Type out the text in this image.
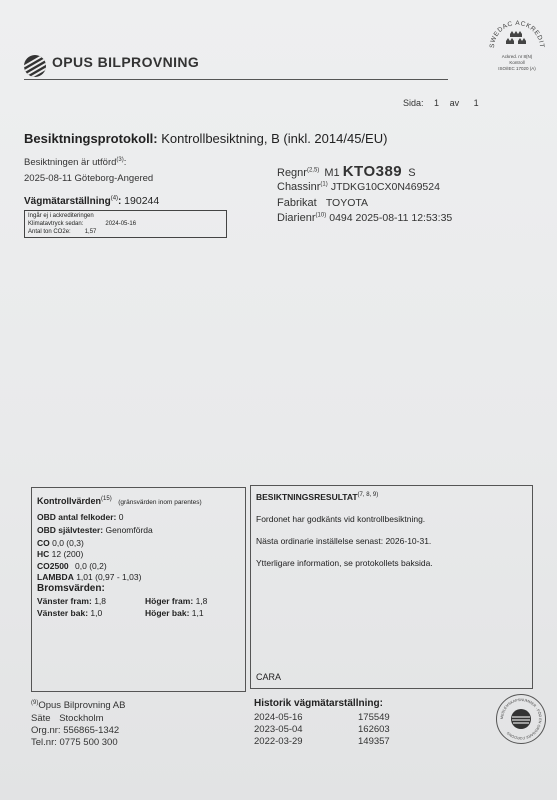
OPUS BILPROVNING
SWEDAC ACKREDIT
Ackred. nr 8(N)
Kontroll
ISO/IEC 17020 (A)
Sida: 1 av 1
Besiktningsprotokoll: Kontrollbesiktning, B (inkl. 2014/45/EU)
Besiktningen är utförd$^{(3)}$:
2025-08-11 Göteborg-Angered
Vägmätarställning$^{(4)}$: 190244
Ingår ej i ackrediteringen
Klimatavtryck sedan:	2024-05-16
Antal ton CO2e: 1,57
Regnr$^{(2,5)}$ M1 KTO389 S
Chassinr$^{(1)}$ JTDKG10CX0N469524
Fabrikat TOYOTA
Diarienr$^{(10)}$ 0494 2025-08-11 12:53:35
Kontrollvärden$^{(15)}$ (gränsvärden inom parentes)
OBD antal felkoder: 0
OBD självtester: Genomförda
CO 0,0 (0,3)
HC 12 (200)
CO2500 0,0 (0,2)
LAMBDA 1,01 (0,97 - 1,03)
Bromsvärden:
Vänster fram: 1,8	Höger fram: 1,8
Vänster bak: 1,0	Höger bak: 1,1
BESIKTNINGSRESULTAT$^{(7, 8, 9)}$
Fordonet har godkänts vid kontrollbesiktning.
Nästa ordinarie inställelse senast: 2026-10-31.
Ytterligare information, se protokollets baksida.
CARA
$^{(9)}$Opus Bilprovning AB
Säte Stockholm
Org.nr: 556865-1342
Tel.nr: 0775 500 300
Historik vägmätarställning:
2024-05-16	175549
2023-05-04	162603
2022-03-29	149357
MEDLEMSKAPSNUMMER · FÖR EN ORDNARE FORDONS
